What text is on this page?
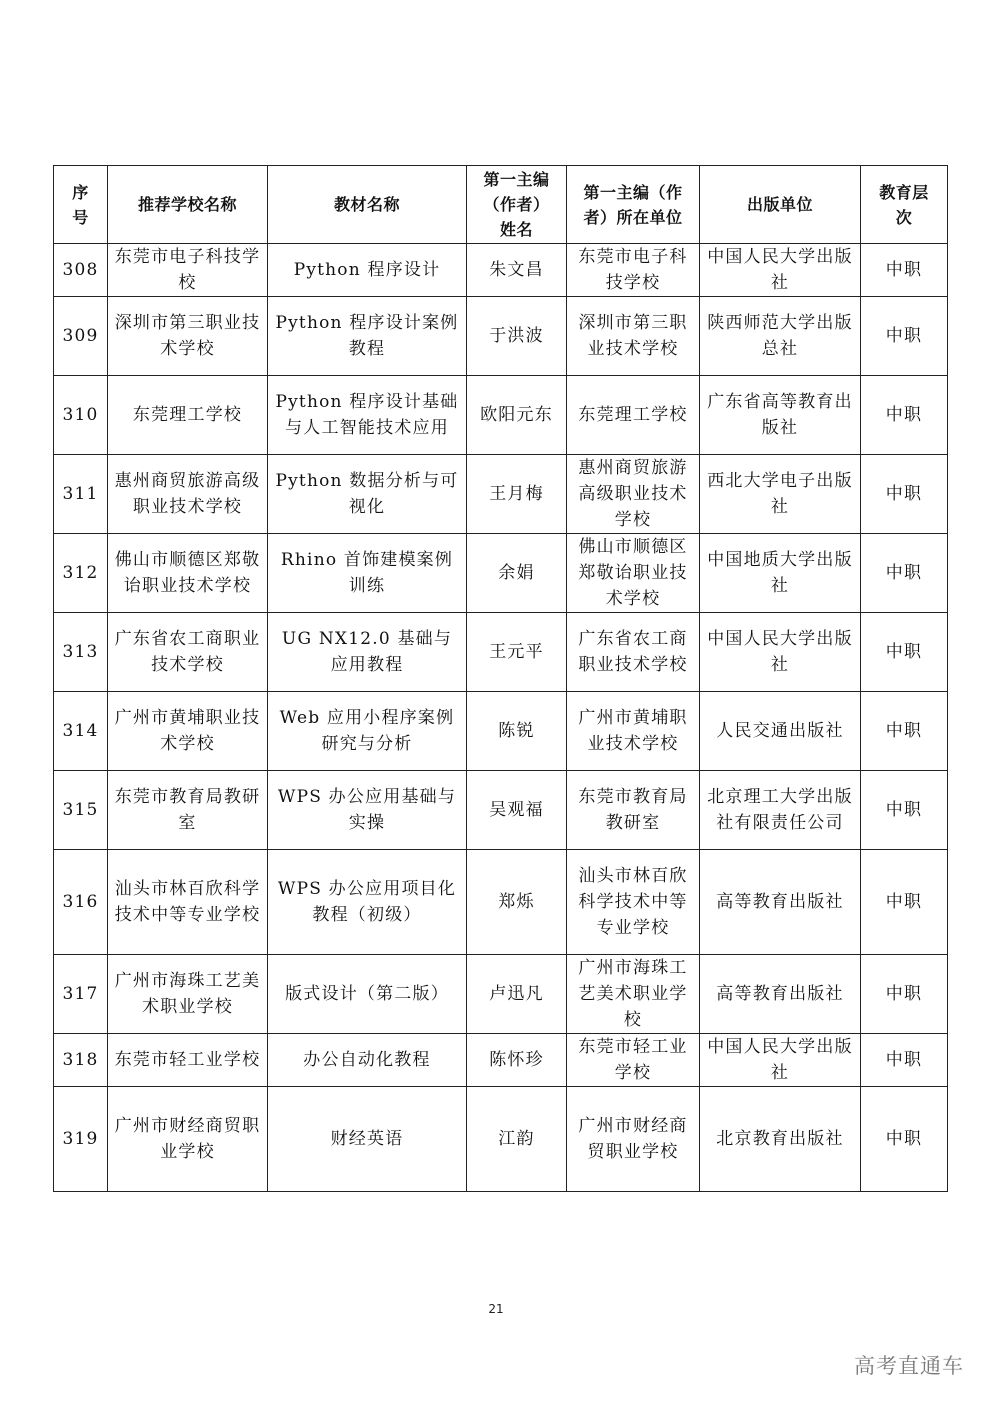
序号	推荐学校名称	教材名称	第一主编（作者）姓名	第一主编（作者）所在单位	出版单位	教育层次
308	东莞市电子科技学校	Python 程序设计	朱文昌	东莞市电子科技学校	中国人民大学出版社	中职
309	深圳市第三职业技术学校	Python 程序设计案例教程	于洪波	深圳市第三职业技术学校	陕西师范大学出版总社	中职
310	东莞理工学校	Python 程序设计基础与人工智能技术应用	欧阳元东	东莞理工学校	广东省高等教育出版社	中职
311	惠州商贸旅游高级职业技术学校	Python 数据分析与可视化	王月梅	惠州商贸旅游高级职业技术学校	西北大学电子出版社	中职
312	佛山市顺德区郑敬诒职业技术学校	Rhino 首饰建模案例训练	余娟	佛山市顺德区郑敬诒职业技术学校	中国地质大学出版社	中职
313	广东省农工商职业技术学校	UG NX12.0 基础与应用教程	王元平	广东省农工商职业技术学校	中国人民大学出版社	中职
314	广州市黄埔职业技术学校	Web 应用小程序案例研究与分析	陈锐	广州市黄埔职业技术学校	人民交通出版社	中职
315	东莞市教育局教研室	WPS 办公应用基础与实操	吴观福	东莞市教育局教研室	北京理工大学出版社有限责任公司	中职
316	汕头市林百欣科学技术中等专业学校	WPS 办公应用项目化教程（初级）	郑烁	汕头市林百欣科学技术中等专业学校	高等教育出版社	中职
317	广州市海珠工艺美术职业学校	版式设计（第二版）	卢迅凡	广州市海珠工艺美术职业学校	高等教育出版社	中职
318	东莞市轻工业学校	办公自动化教程	陈怀珍	东莞市轻工业学校	中国人民大学出版社	中职
319	广州市财经商贸职业学校	财经英语	江韵	广州市财经商贸职业学校	北京教育出版社	中职
21
高考直通车
